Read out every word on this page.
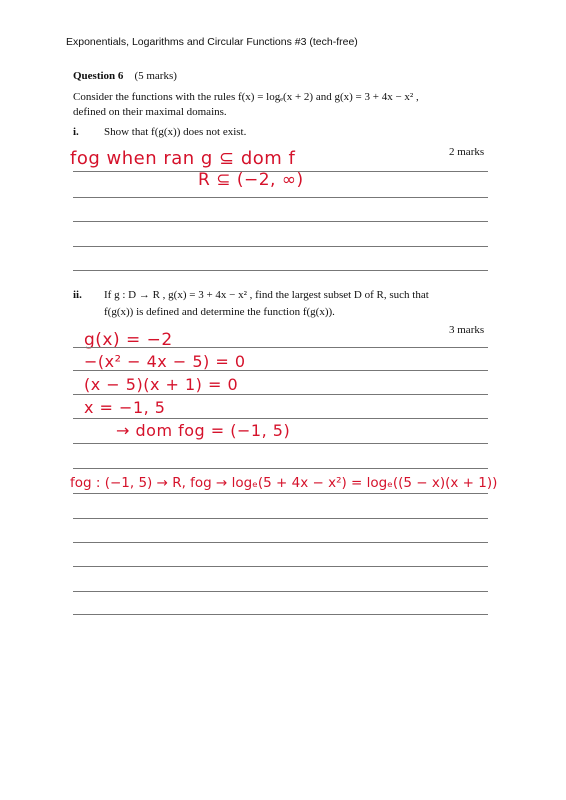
Exponentials, Logarithms and Circular Functions #3 (tech-free)
Question 6 (5 marks)
Consider the functions with the rules f(x) = logₑ(x + 2) and g(x) = 3 + 4x − x² ,
defined on their maximal domains.
i. Show that f(g(x)) does not exist.
2 marks
fog when ran g ⊆ dom f
R ⊆ (−2, ∞)
ii. If g : D → R , g(x) = 3 + 4x − x² , find the largest subset D of R, such that
f(g(x)) is defined and determine the function f(g(x)).
3 marks
g(x) = −2
−(x² − 4x − 5) = 0
(x − 5)(x + 1) = 0
x = −1, 5
→ dom fog = (−1, 5)
fog : (−1, 5) → R, fog → logₑ(5 + 4x − x²) = logₑ((5 − x)(x + 1))
